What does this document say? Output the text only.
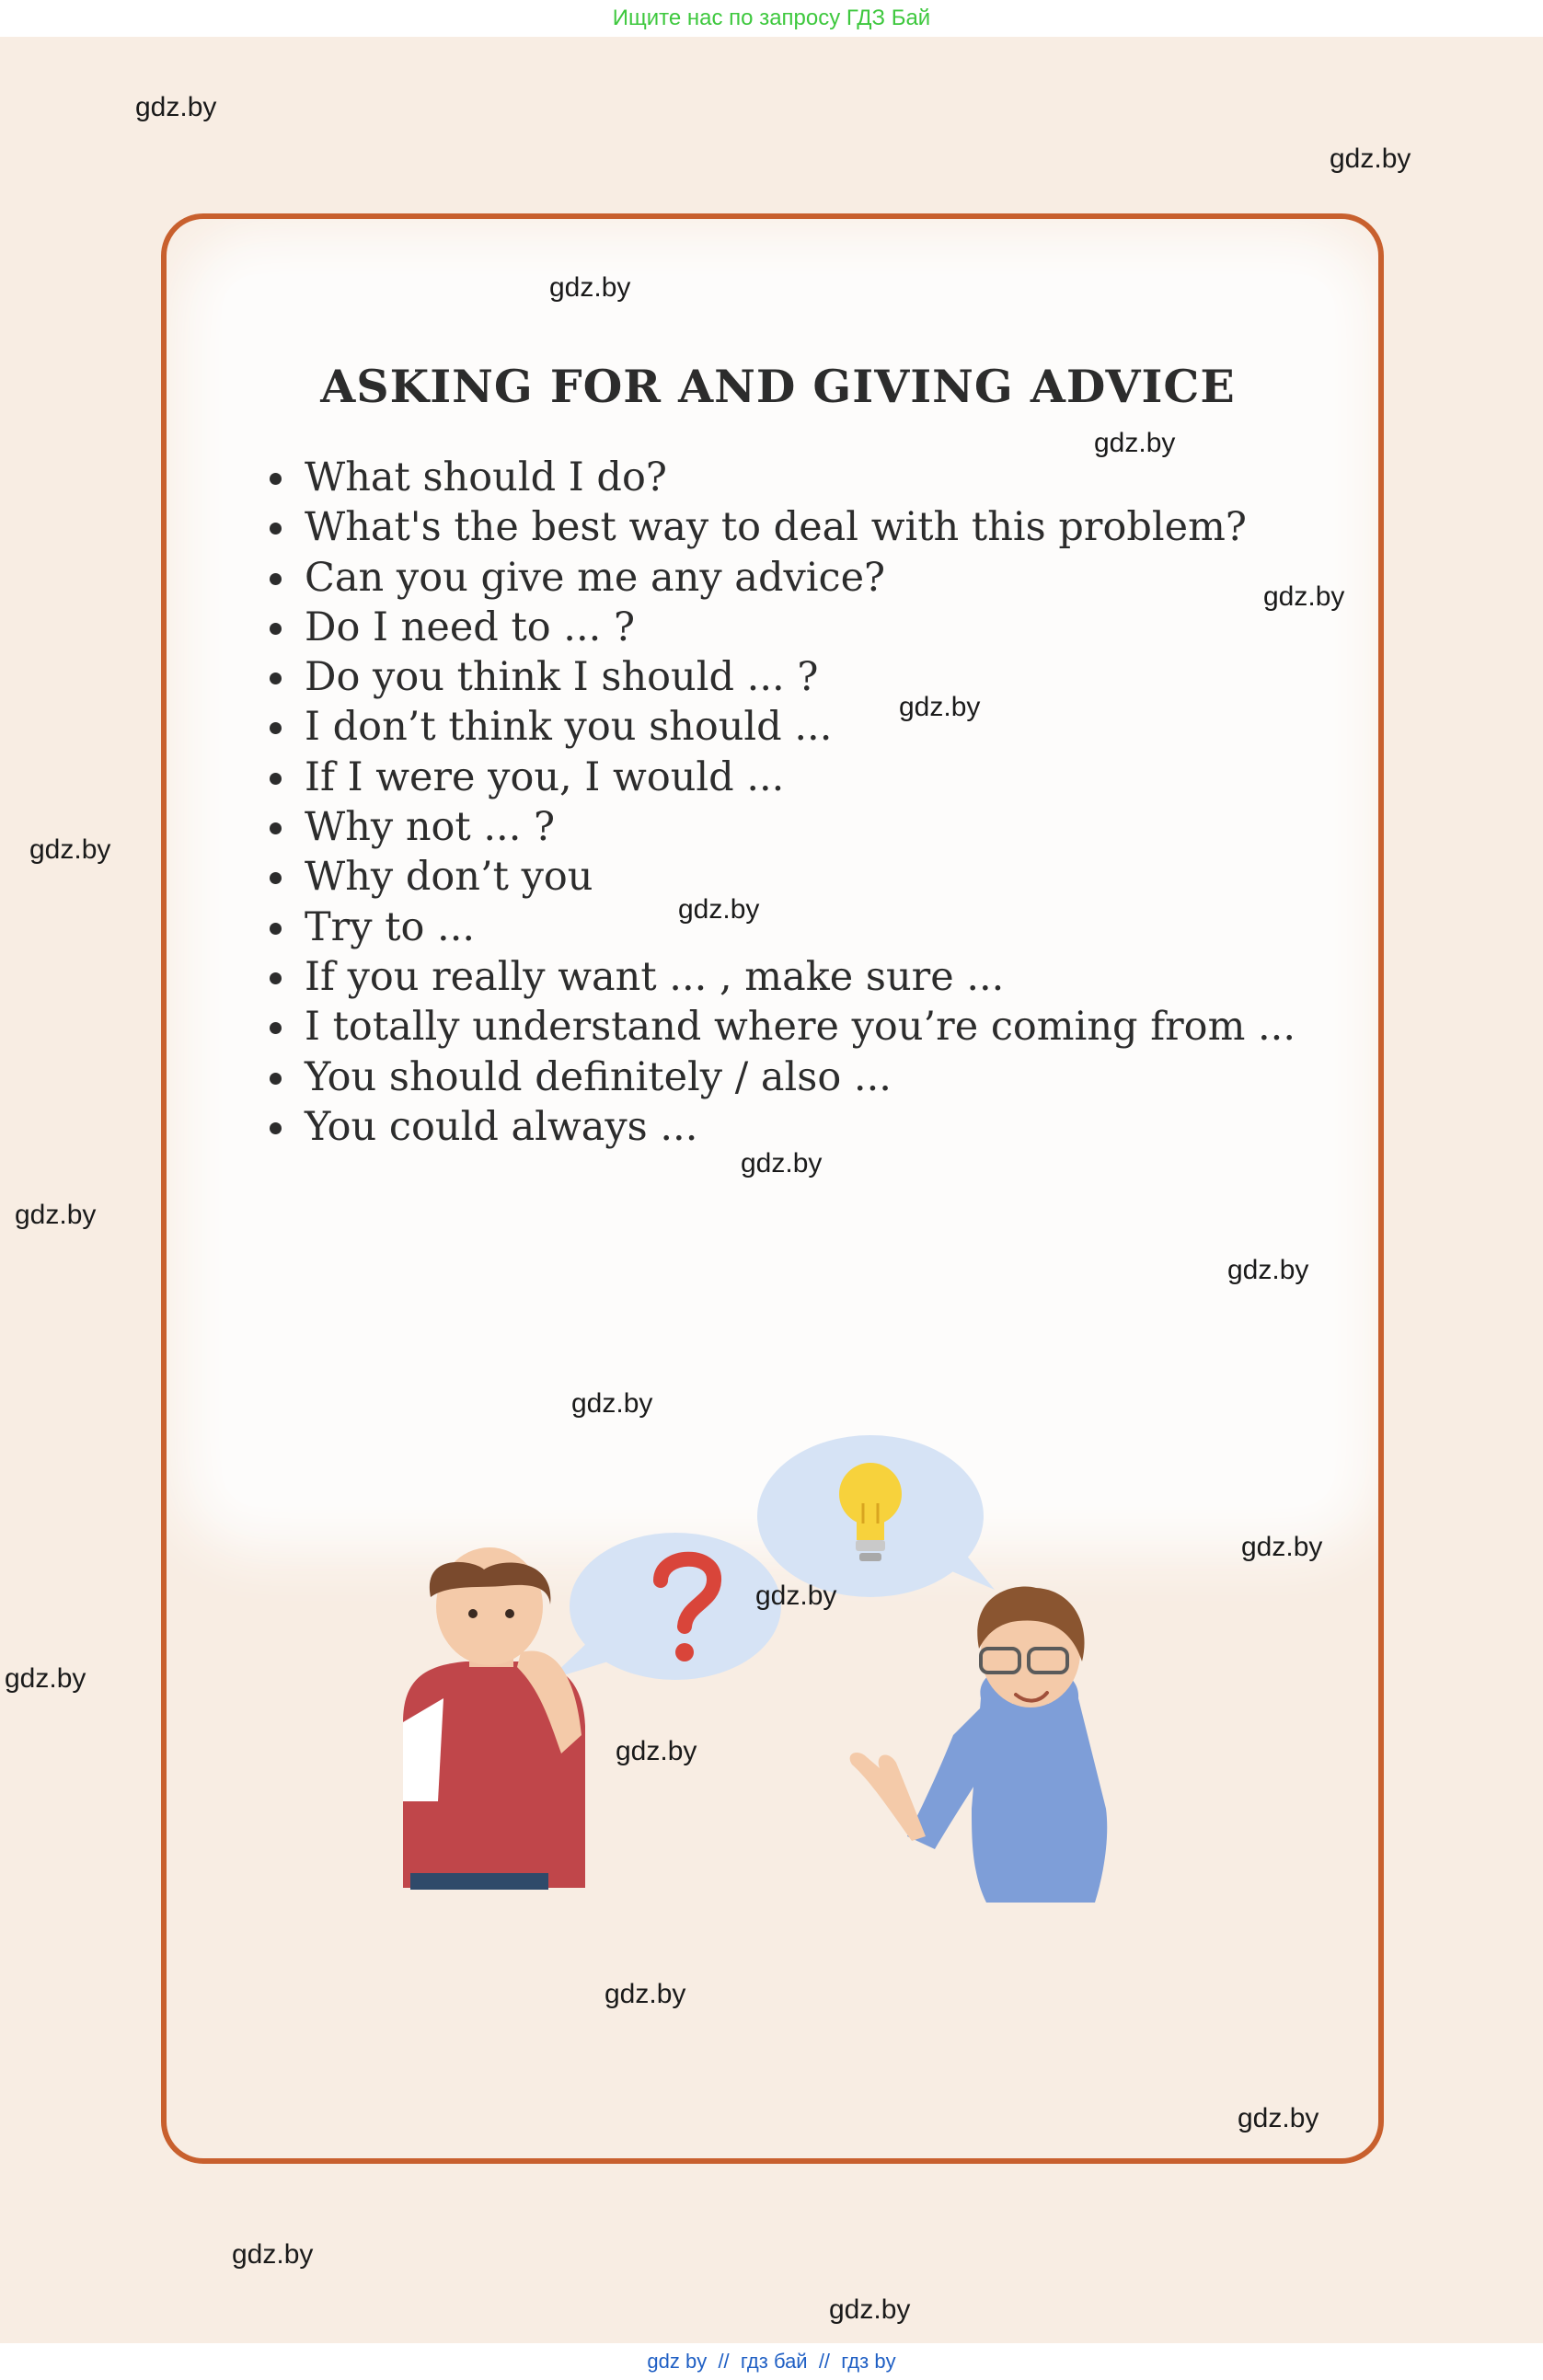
Ищите нас по запросу ГДЗ Бай
ASKING FOR AND GIVING ADVICE
What should I do?
What's the best way to deal with this problem?
Can you give me any advice?
Do I need to ... ?
Do you think I should ... ?
I don’t think you should ...
If I were you, I would ...
Why not ... ?
Why don’t you
Try to ...
If you really want ... , make sure ...
I totally understand where you’re coming from ...
You should definitely / also ...
You could always ...
gdz.by
gdz.by
gdz.by
gdz.by
gdz.by
gdz.by
gdz.by
gdz.by
gdz.by
gdz.by
gdz.by
gdz.by
gdz.by
gdz.by
gdz.by
gdz.by
gdz.by
gdz.by
gdz.by
gdz.by
gdz by  //  гдз бай  //  гдз by
